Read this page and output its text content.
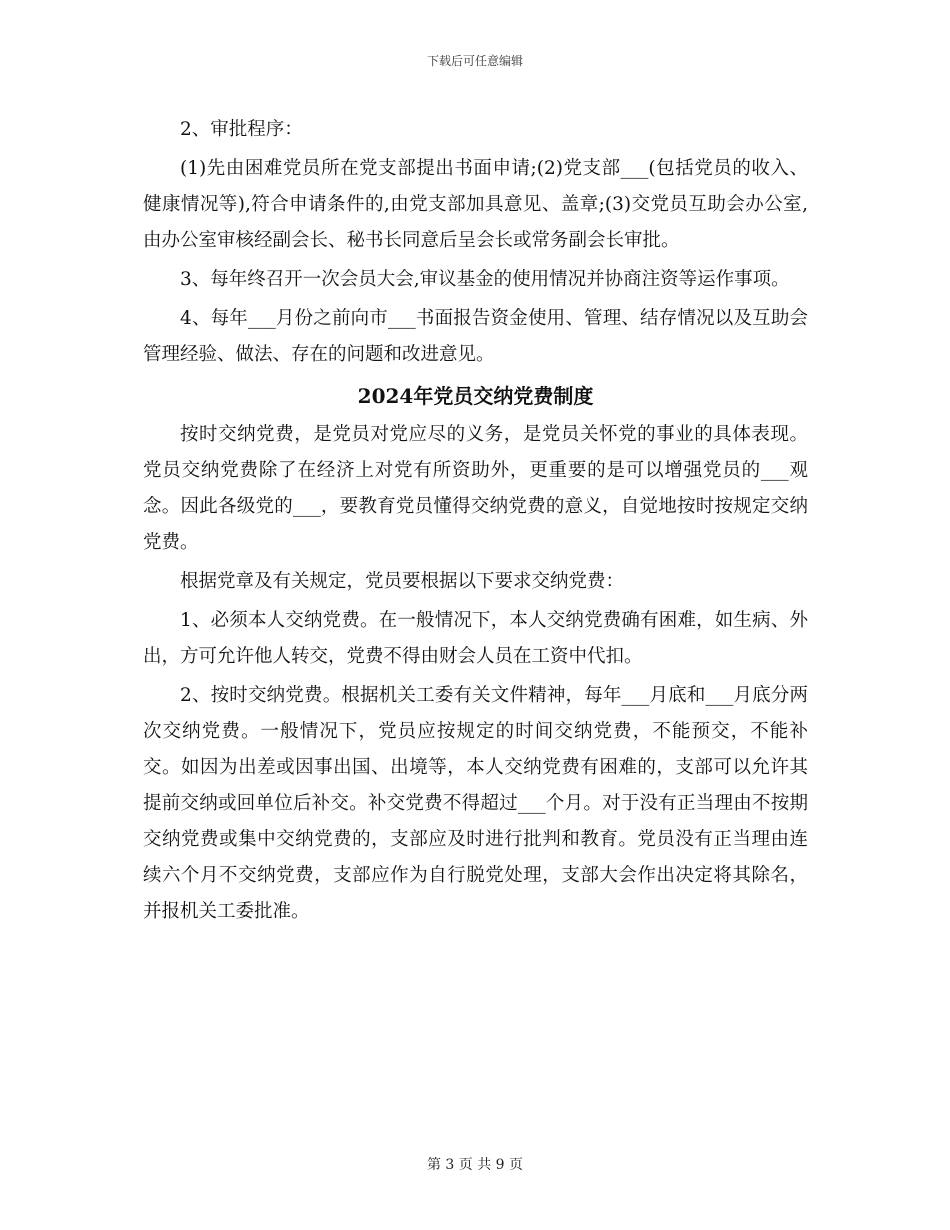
下载后可任意编辑

2、审批程序：

(1)先由困难党员所在党支部提出书面申请;(2)党支部___(包括党员的收入、健康情况等),符合申请条件的,由党支部加具意见、盖章;(3)交党员互助会办公室,由办公室审核经副会长、秘书长同意后呈会长或常务副会长审批。

3、每年终召开一次会员大会,审议基金的使用情况并协商注资等运作事项。

4、每年___月份之前向市___书面报告资金使用、管理、结存情况以及互助会管理经验、做法、存在的问题和改进意见。

2024年党员交纳党费制度

按时交纳党费，是党员对党应尽的义务，是党员关怀党的事业的具体表现。党员交纳党费除了在经济上对党有所资助外，更重要的是可以增强党员的___观念。因此各级党的___，要教育党员懂得交纳党费的意义，自觉地按时按规定交纳党费。

根据党章及有关规定，党员要根据以下要求交纳党费：

1、必须本人交纳党费。在一般情况下，本人交纳党费确有困难，如生病、外出，方可允许他人转交，党费不得由财会人员在工资中代扣。

2、按时交纳党费。根据机关工委有关文件精神，每年___月底和___月底分两次交纳党费。一般情况下，党员应按规定的时间交纳党费，不能预交，不能补交。如因为出差或因事出国、出境等，本人交纳党费有困难的，支部可以允许其提前交纳或回单位后补交。补交党费不得超过___个月。对于没有正当理由不按期交纳党费或集中交纳党费的，支部应及时进行批判和教育。党员没有正当理由连续六个月不交纳党费，支部应作为自行脱党处理，支部大会作出决定将其除名，并报机关工委批准。

第 3 页 共 9 页
